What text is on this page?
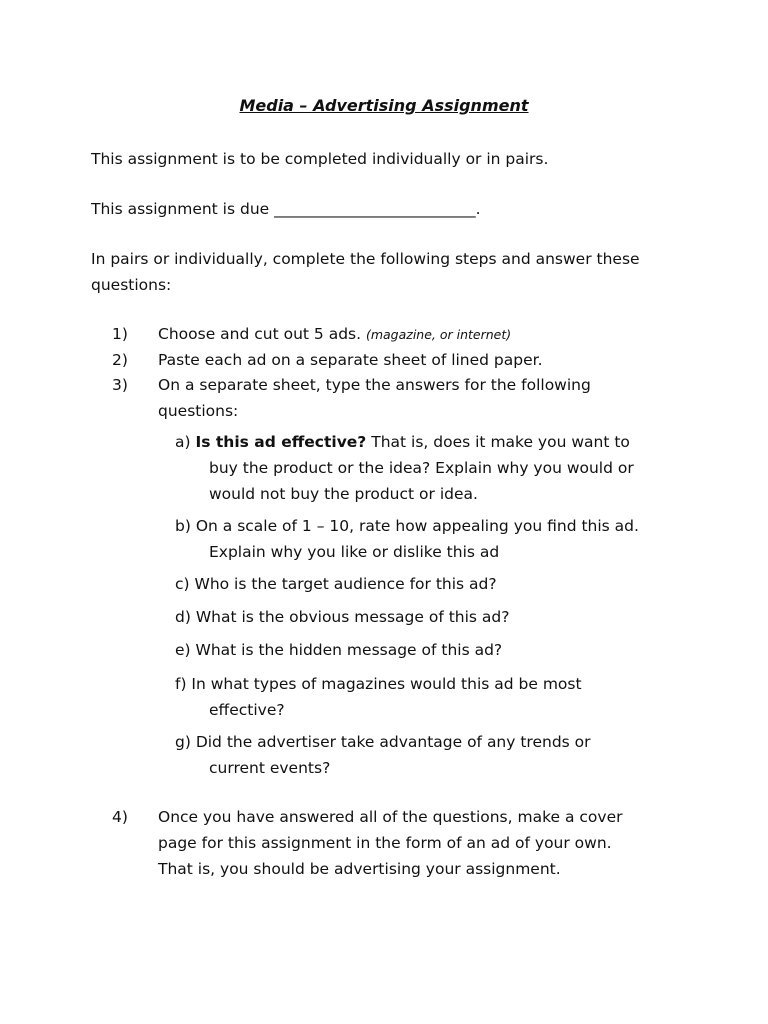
Media – Advertising Assignment
This assignment is to be completed individually or in pairs.
This assignment is due __________________________.
In pairs or individually, complete the following steps and answer these
questions:
1) Choose and cut out 5 ads. (magazine, or internet)
2) Paste each ad on a separate sheet of lined paper.
3) On a separate sheet, type the answers for the following
questions:
a) Is this ad effective? That is, does it make you want to
buy the product or the idea? Explain why you would or
would not buy the product or idea.
b) On a scale of 1 – 10, rate how appealing you find this ad.
Explain why you like or dislike this ad
c) Who is the target audience for this ad?
d) What is the obvious message of this ad?
e) What is the hidden message of this ad?
f) In what types of magazines would this ad be most
effective?
g) Did the advertiser take advantage of any trends or
current events?
4) Once you have answered all of the questions, make a cover
page for this assignment in the form of an ad of your own.
That is, you should be advertising your assignment.
